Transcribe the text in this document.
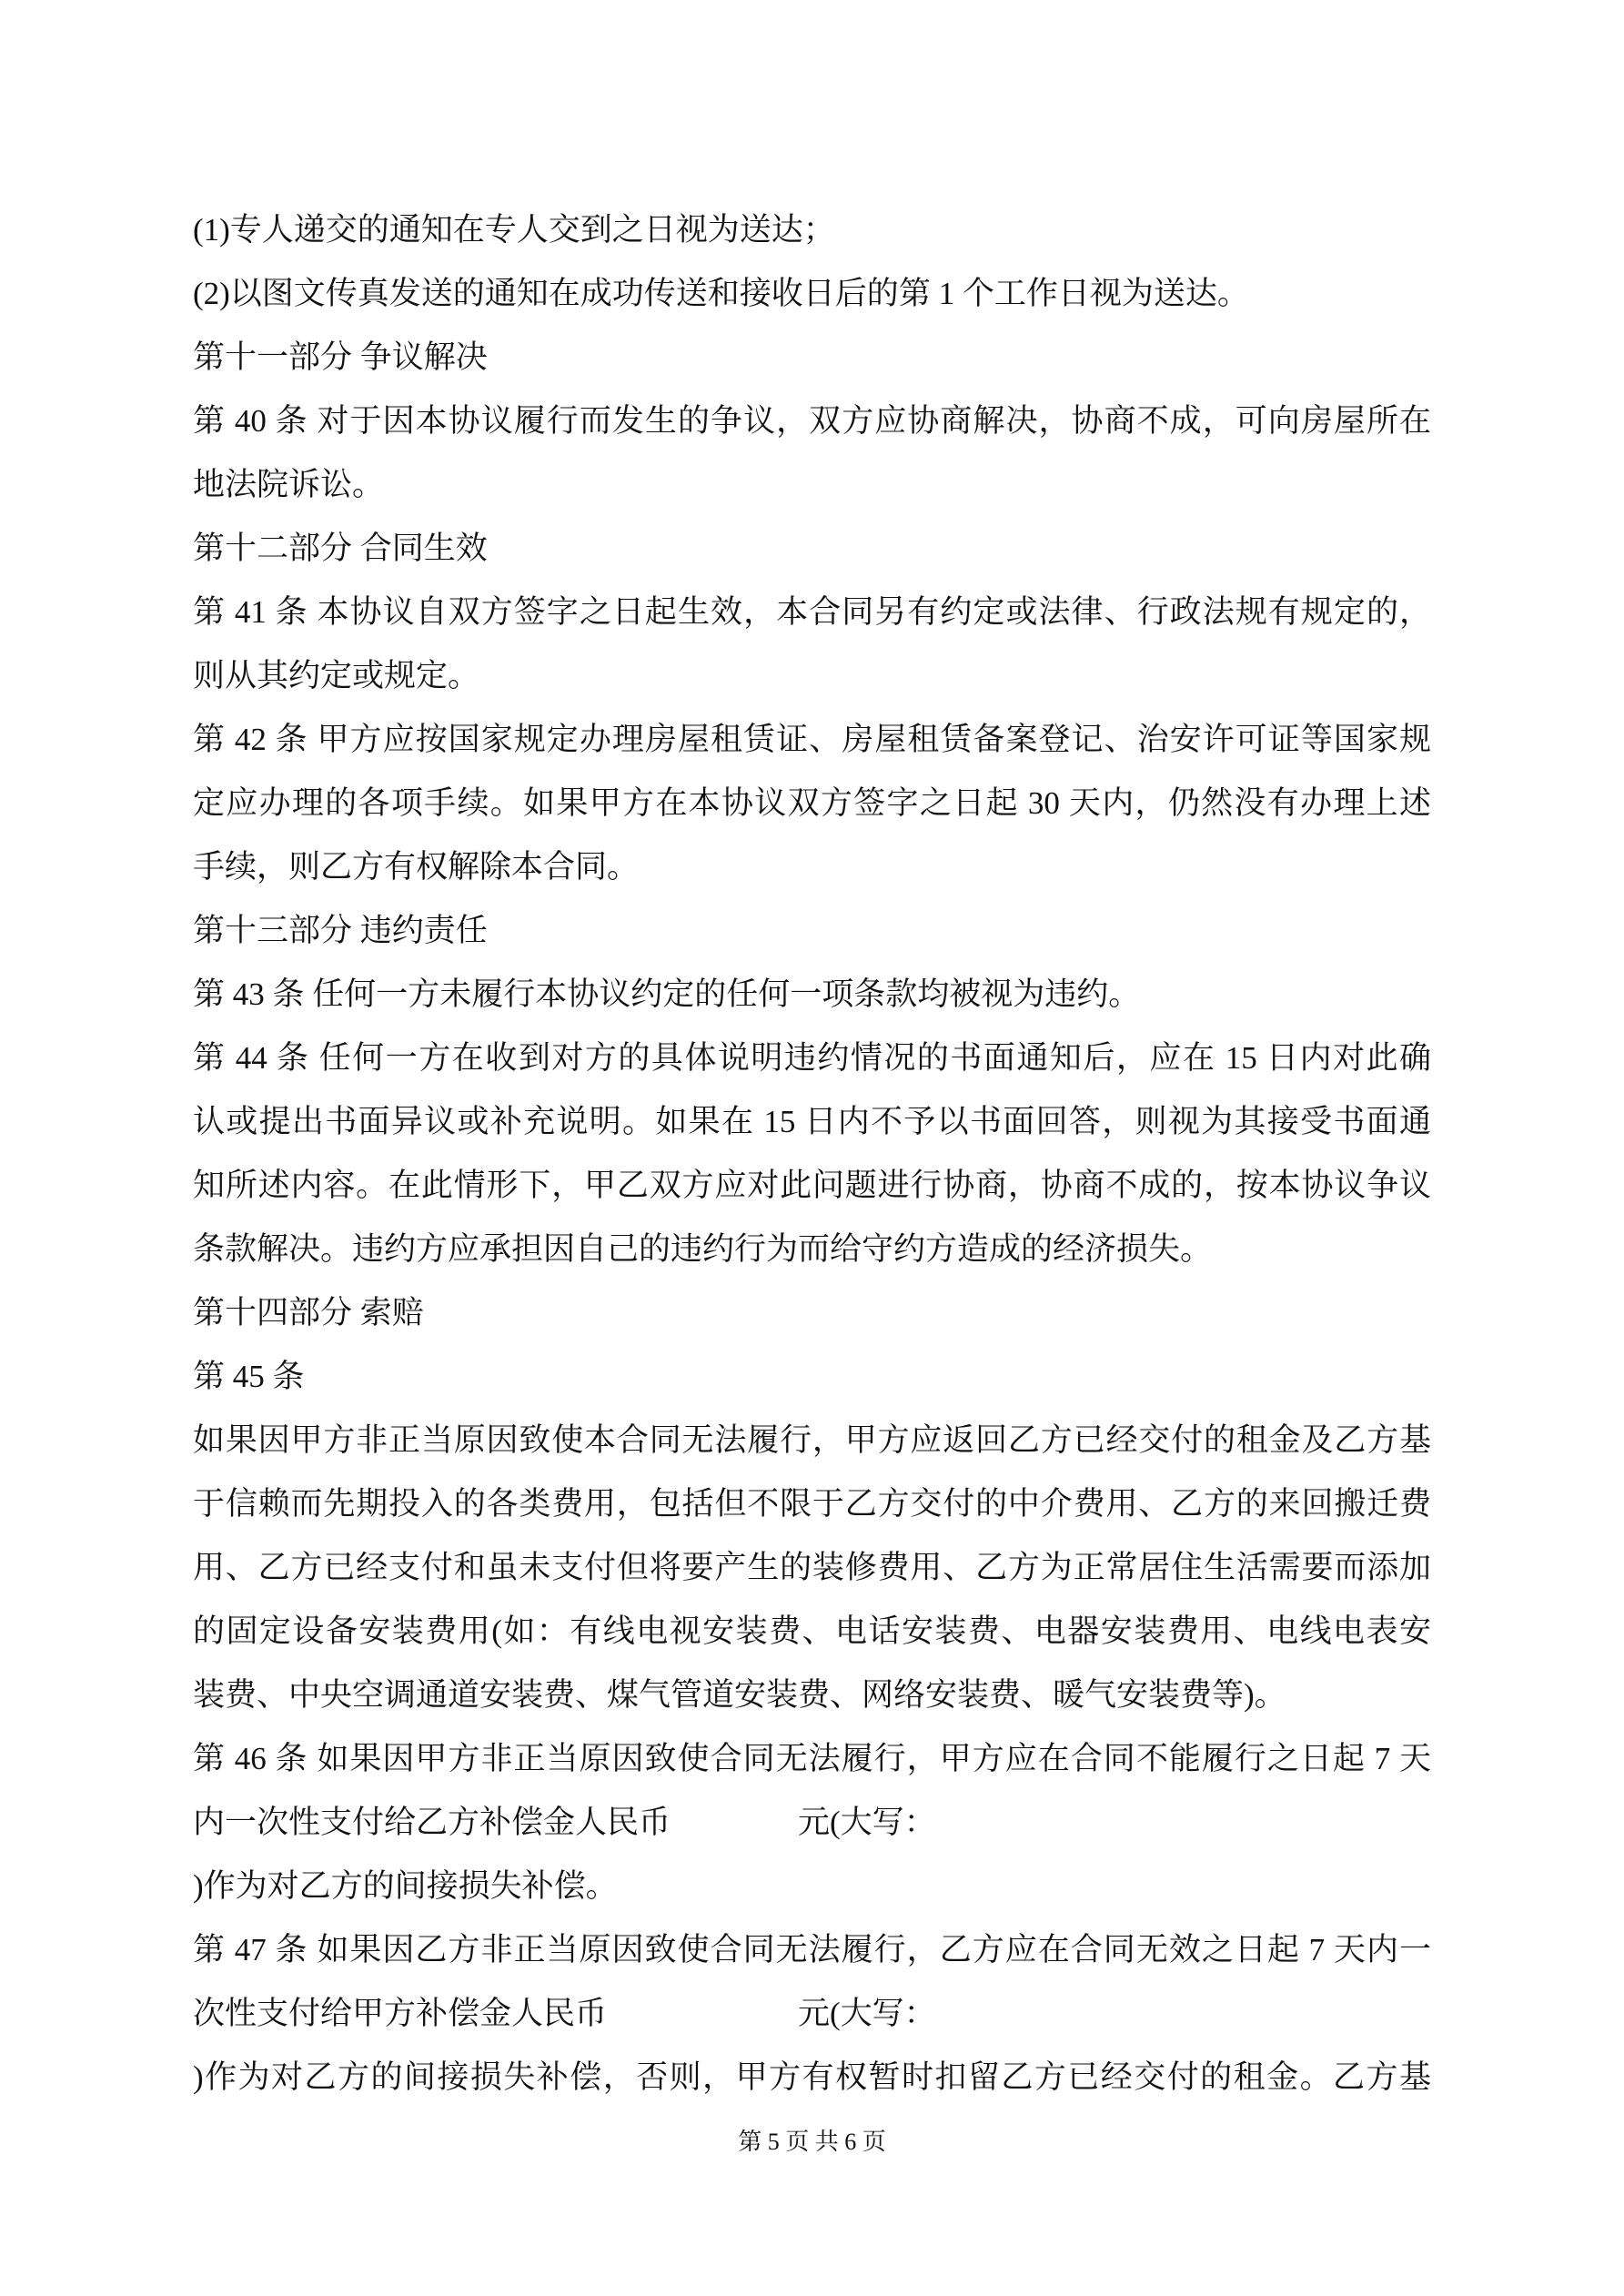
(1)专人递交的通知在专人交到之日视为送达；
(2)以图文传真发送的通知在成功传送和接收日后的第 1 个工作日视为送达。
第十一部分 争议解决
第 40 条 对于因本协议履行而发生的争议，双方应协商解决，协商不成，可向房屋所在
地法院诉讼。
第十二部分 合同生效
第 41 条 本协议自双方签字之日起生效，本合同另有约定或法律、行政法规有规定的，
则从其约定或规定。
第 42 条 甲方应按国家规定办理房屋租赁证、房屋租赁备案登记、治安许可证等国家规
定应办理的各项手续。如果甲方在本协议双方签字之日起 30 天内，仍然没有办理上述
手续，则乙方有权解除本合同。
第十三部分 违约责任
第 43 条 任何一方未履行本协议约定的任何一项条款均被视为违约。
第 44 条 任何一方在收到对方的具体说明违约情况的书面通知后，应在 15 日内对此确
认或提出书面异议或补充说明。如果在 15 日内不予以书面回答，则视为其接受书面通
知所述内容。在此情形下，甲乙双方应对此问题进行协商，协商不成的，按本协议争议
条款解决。违约方应承担因自己的违约行为而给守约方造成的经济损失。
第十四部分 索赔
第 45 条
如果因甲方非正当原因致使本合同无法履行，甲方应返回乙方已经交付的租金及乙方基
于信赖而先期投入的各类费用，包括但不限于乙方交付的中介费用、乙方的来回搬迁费
用、乙方已经支付和虽未支付但将要产生的装修费用、乙方为正常居住生活需要而添加
的固定设备安装费用(如：有线电视安装费、电话安装费、电器安装费用、电线电表安
装费、中央空调通道安装费、煤气管道安装费、网络安装费、暖气安装费等)。
第 46 条 如果因甲方非正当原因致使合同无法履行，甲方应在合同不能履行之日起 7 天
内一次性支付给乙方补偿金人民币　　　　元(大写：
)作为对乙方的间接损失补偿。
第 47 条 如果因乙方非正当原因致使合同无法履行，乙方应在合同无效之日起 7 天内一
次性支付给甲方补偿金人民币　　　　　　元(大写：
)作为对乙方的间接损失补偿，否则，甲方有权暂时扣留乙方已经交付的租金。乙方基
第 5 页 共 6 页
